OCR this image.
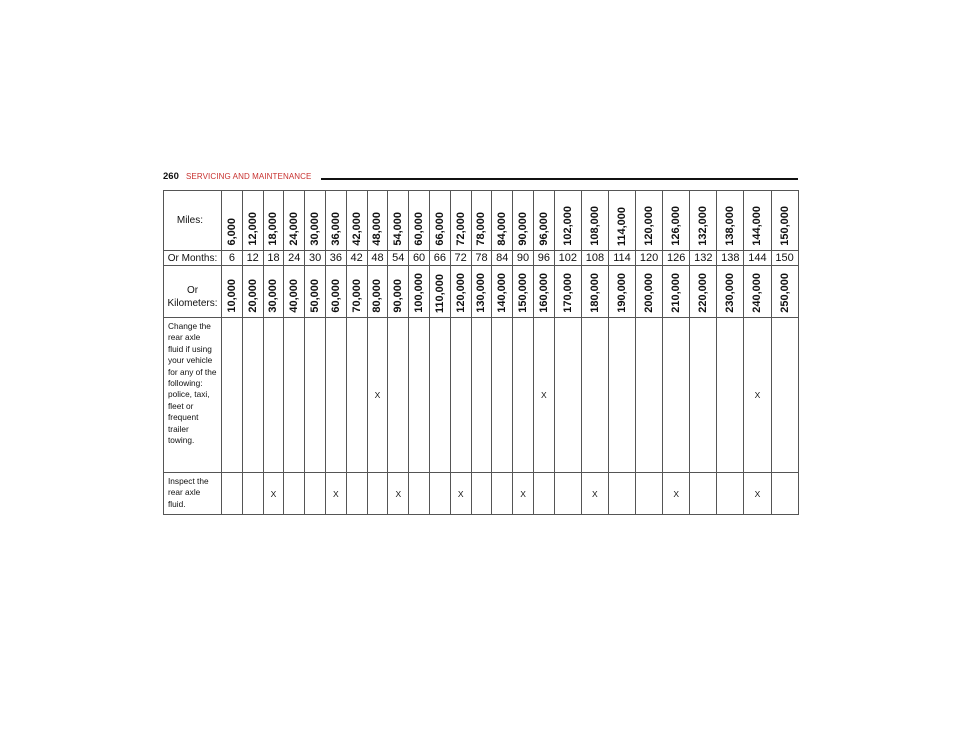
260 SERVICING AND MAINTENANCE
Miles:	6,000	12,000	18,000	24,000	30,000	36,000	42,000	48,000	54,000	60,000	66,000	72,000	78,000	84,000	90,000	96,000	102,000	108,000	114,000	120,000	126,000	132,000	138,000	144,000	150,000

Or Months:	6	12	18	24	30	36	42	48	54	60	66	72	78	84	90	96	102	108	114	120	126	132	138	144	150

Or
Kilometers:	10,000	20,000	30,000	40,000	50,000	60,000	70,000	80,000	90,000	100,000	110,000	120,000	130,000	140,000	150,000	160,000	170,000	180,000	190,000	200,000	210,000	220,000	230,000	240,000	250,000

Change the rear axle fluid if using your vehicle for any of the following: police, taxi, fleet or frequent trailer towing.								X								X								X	
Inspect the rear axle fluid.			X			X			X			X			X			X			X			X	
